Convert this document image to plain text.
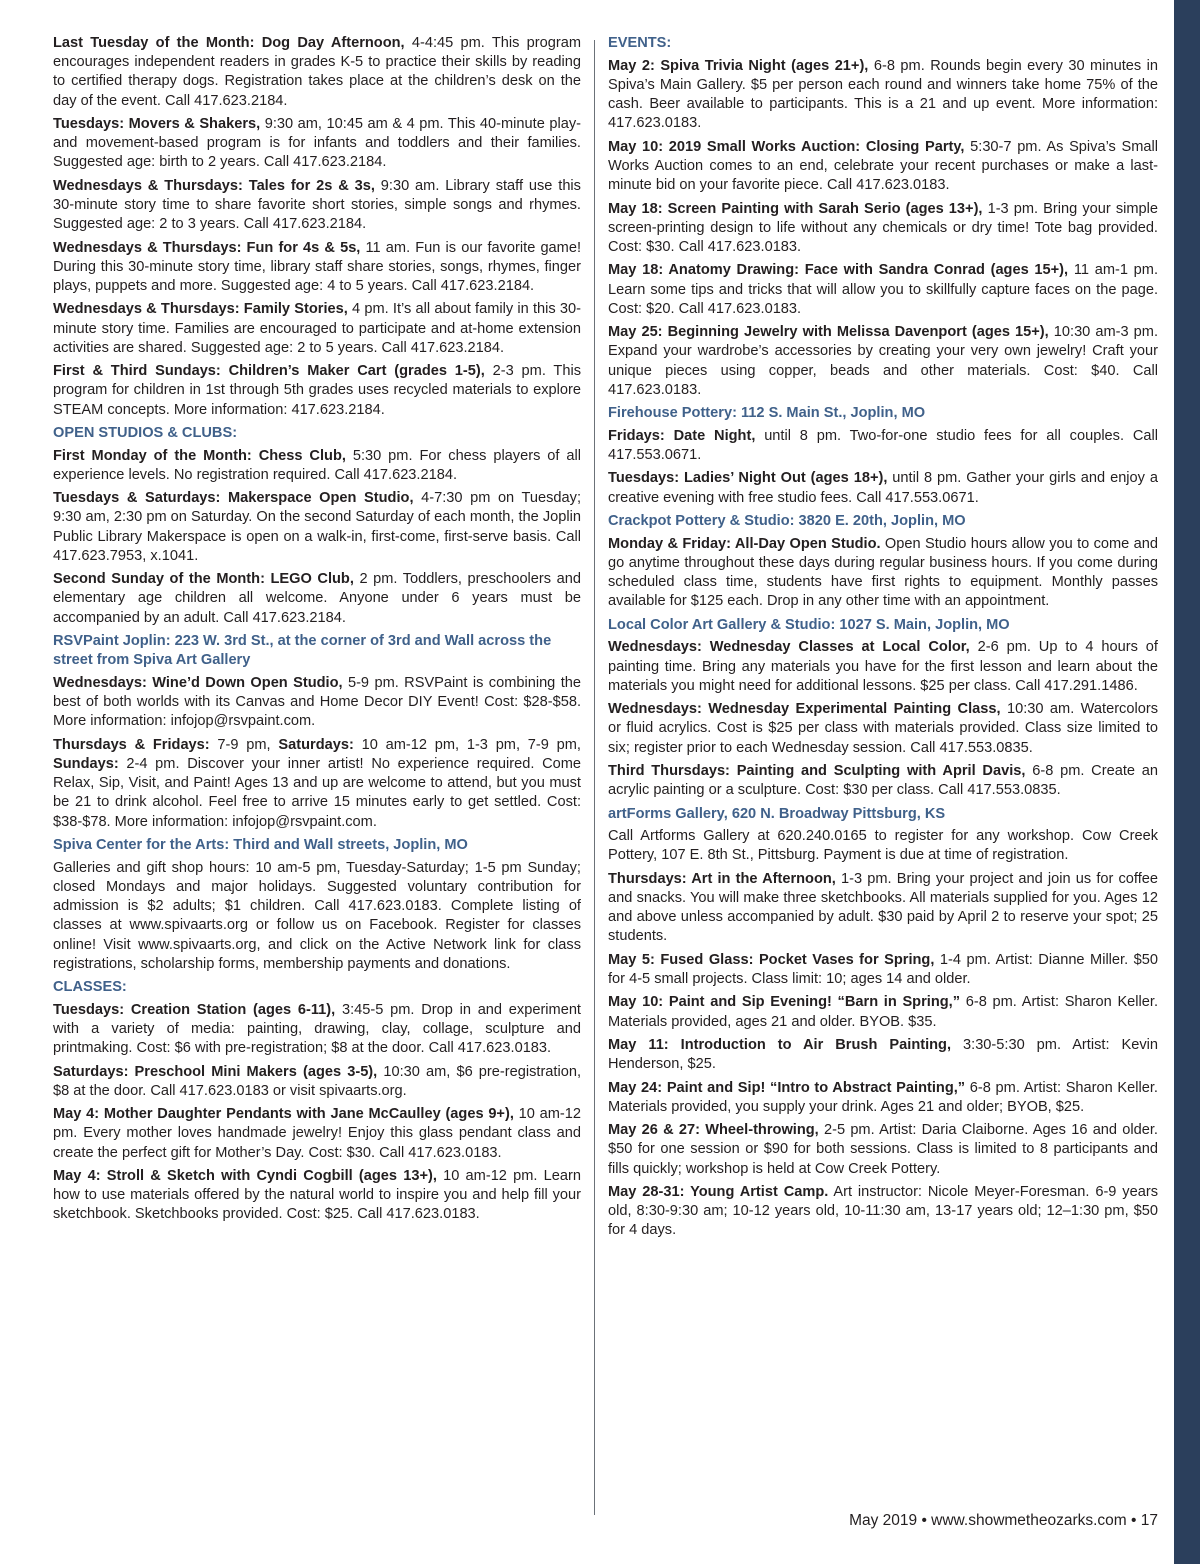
Last Tuesday of the Month: Dog Day Afternoon, 4-4:45 pm. This program encourages independent readers in grades K-5 to practice their skills by reading to certified therapy dogs. Registration takes place at the children’s desk on the day of the event. Call 417.623.2184.

Tuesdays: Movers & Shakers, 9:30 am, 10:45 am & 4 pm. This 40-minute play- and movement-based program is for infants and toddlers and their families. Suggested age: birth to 2 years. Call 417.623.2184.

Wednesdays & Thursdays: Tales for 2s & 3s, 9:30 am. Library staff use this 30-minute story time to share favorite short stories, simple songs and rhymes. Suggested age: 2 to 3 years. Call 417.623.2184.

Wednesdays & Thursdays: Fun for 4s & 5s, 11 am. Fun is our favorite game! During this 30-minute story time, library staff share stories, songs, rhymes, finger plays, puppets and more. Suggested age: 4 to 5 years. Call 417.623.2184.

Wednesdays & Thursdays: Family Stories, 4 pm. It’s all about family in this 30-minute story time. Families are encouraged to participate and at-home extension activities are shared. Suggested age: 2 to 5 years. Call 417.623.2184.

First & Third Sundays: Children’s Maker Cart (grades 1-5), 2-3 pm. This program for children in 1st through 5th grades uses recycled materials to explore STEAM concepts. More information: 417.623.2184.

OPEN STUDIOS & CLUBS:

First Monday of the Month: Chess Club, 5:30 pm. For chess players of all experience levels. No registration required. Call 417.623.2184.

Tuesdays & Saturdays: Makerspace Open Studio, 4-7:30 pm on Tuesday; 9:30 am, 2:30 pm on Saturday. On the second Saturday of each month, the Joplin Public Library Makerspace is open on a walk-in, first-come, first-serve basis. Call 417.623.7953, x.1041.

Second Sunday of the Month: LEGO Club, 2 pm. Toddlers, preschoolers and elementary age children all welcome. Anyone under 6 years must be accompanied by an adult. Call 417.623.2184.

RSVPaint Joplin: 223 W. 3rd St., at the corner of 3rd and Wall across the street from Spiva Art Gallery

Wednesdays: Wine’d Down Open Studio, 5-9 pm. RSVPaint is combining the best of both worlds with its Canvas and Home Decor DIY Event! Cost: $28-$58. More information: infojop@rsvpaint.com.

Thursdays & Fridays: 7-9 pm, Saturdays: 10 am-12 pm, 1-3 pm, 7-9 pm, Sundays: 2-4 pm. Discover your inner artist! No experience required. Come Relax, Sip, Visit, and Paint! Ages 13 and up are welcome to attend, but you must be 21 to drink alcohol. Feel free to arrive 15 minutes early to get settled. Cost: $38-$78. More information: infojop@rsvpaint.com.

Spiva Center for the Arts: Third and Wall streets, Joplin, MO

Galleries and gift shop hours: 10 am-5 pm, Tuesday-Saturday; 1-5 pm Sunday; closed Mondays and major holidays. Suggested voluntary contribution for admission is $2 adults; $1 children. Call 417.623.0183. Complete listing of classes at www.spivaarts.org or follow us on Facebook. Register for classes online! Visit www.spivaarts.org, and click on the Active Network link for class registrations, scholarship forms, membership payments and donations.

CLASSES:

Tuesdays: Creation Station (ages 6-11), 3:45-5 pm. Drop in and experiment with a variety of media: painting, drawing, clay, collage, sculpture and printmaking. Cost: $6 with pre-registration; $8 at the door. Call 417.623.0183.

Saturdays: Preschool Mini Makers (ages 3-5), 10:30 am, $6 pre-registration, $8 at the door. Call 417.623.0183 or visit spivaarts.org.

May 4: Mother Daughter Pendants with Jane McCaulley (ages 9+), 10 am-12 pm. Every mother loves handmade jewelry! Enjoy this glass pendant class and create the perfect gift for Mother’s Day. Cost: $30. Call 417.623.0183.

May 4: Stroll & Sketch with Cyndi Cogbill (ages 13+), 10 am-12 pm. Learn how to use materials offered by the natural world to inspire you and help fill your sketchbook. Sketchbooks provided. Cost: $25. Call 417.623.0183.

EVENTS:

May 2: Spiva Trivia Night (ages 21+), 6-8 pm. Rounds begin every 30 minutes in Spiva’s Main Gallery. $5 per person each round and winners take home 75% of the cash. Beer available to participants. This is a 21 and up event. More information: 417.623.0183.

May 10: 2019 Small Works Auction: Closing Party, 5:30-7 pm. As Spiva’s Small Works Auction comes to an end, celebrate your recent purchases or make a last-minute bid on your favorite piece. Call 417.623.0183.

May 18: Screen Painting with Sarah Serio (ages 13+), 1-3 pm. Bring your simple screen-printing design to life without any chemicals or dry time! Tote bag provided. Cost: $30. Call 417.623.0183.

May 18: Anatomy Drawing: Face with Sandra Conrad (ages 15+), 11 am-1 pm. Learn some tips and tricks that will allow you to skillfully capture faces on the page. Cost: $20. Call 417.623.0183.

May 25: Beginning Jewelry with Melissa Davenport (ages 15+), 10:30 am-3 pm. Expand your wardrobe’s accessories by creating your very own jewelry! Craft your unique pieces using copper, beads and other materials. Cost: $40. Call 417.623.0183.

Firehouse Pottery: 112 S. Main St., Joplin, MO

Fridays: Date Night, until 8 pm. Two-for-one studio fees for all couples. Call 417.553.0671.

Tuesdays: Ladies’ Night Out (ages 18+), until 8 pm. Gather your girls and enjoy a creative evening with free studio fees. Call 417.553.0671.

Crackpot Pottery & Studio: 3820 E. 20th, Joplin, MO

Monday & Friday: All-Day Open Studio. Open Studio hours allow you to come and go anytime throughout these days during regular business hours. If you come during scheduled class time, students have first rights to equipment. Monthly passes available for $125 each. Drop in any other time with an appointment.

Local Color Art Gallery & Studio: 1027 S. Main, Joplin, MO

Wednesdays: Wednesday Classes at Local Color, 2-6 pm. Up to 4 hours of painting time. Bring any materials you have for the first lesson and learn about the materials you might need for additional lessons. $25 per class. Call 417.291.1486.

Wednesdays: Wednesday Experimental Painting Class, 10:30 am. Watercolors or fluid acrylics. Cost is $25 per class with materials provided. Class size limited to six; register prior to each Wednesday session. Call 417.553.0835.

Third Thursdays: Painting and Sculpting with April Davis, 6-8 pm. Create an acrylic painting or a sculpture. Cost: $30 per class. Call 417.553.0835.

artForms Gallery, 620 N. Broadway Pittsburg, KS

Call Artforms Gallery at 620.240.0165 to register for any workshop. Cow Creek Pottery, 107 E. 8th St., Pittsburg. Payment is due at time of registration.

Thursdays: Art in the Afternoon, 1-3 pm. Bring your project and join us for coffee and snacks. You will make three sketchbooks. All materials supplied for you. Ages 12 and above unless accompanied by adult. $30 paid by April 2 to reserve your spot; 25 students.

May 5: Fused Glass: Pocket Vases for Spring, 1-4 pm. Artist: Dianne Miller. $50 for 4-5 small projects. Class limit: 10; ages 14 and older.

May 10: Paint and Sip Evening! “Barn in Spring,” 6-8 pm. Artist: Sharon Keller. Materials provided, ages 21 and older. BYOB. $35.

May 11: Introduction to Air Brush Painting, 3:30-5:30 pm. Artist: Kevin Henderson, $25.

May 24: Paint and Sip! “Intro to Abstract Painting,” 6-8 pm. Artist: Sharon Keller. Materials provided, you supply your drink. Ages 21 and older; BYOB, $25.

May 26 & 27: Wheel-throwing, 2-5 pm. Artist: Daria Claiborne. Ages 16 and older. $50 for one session or $90 for both sessions. Class is limited to 8 participants and fills quickly; workshop is held at Cow Creek Pottery.

May 28-31: Young Artist Camp. Art instructor: Nicole Meyer-Foresman. 6-9 years old, 8:30-9:30 am; 10-12 years old, 10-11:30 am, 13-17 years old; 12–1:30 pm, $50 for 4 days.

May 2019 • www.showmetheozarks.com • 17
